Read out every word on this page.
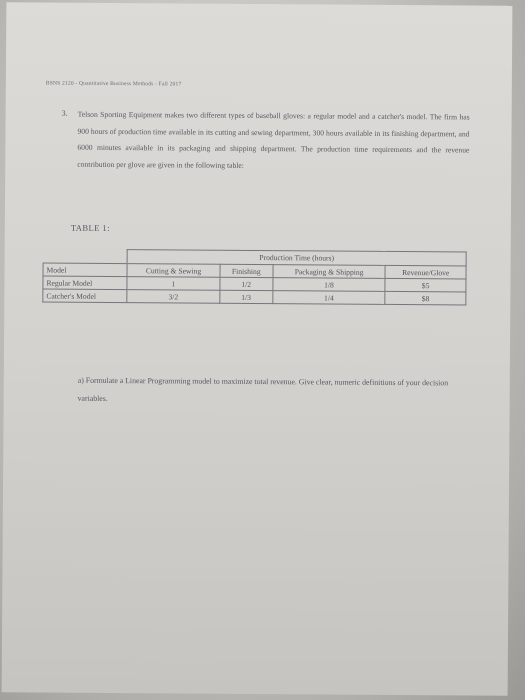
BSNS 2120 - Quantitative Business Methods - Fall 2017
3. Telson Sporting Equipment makes two different types of baseball gloves: a regular model and a catcher's model. The firm has 900 hours of production time available in its cutting and sewing department, 300 hours available in its finishing department, and 6000 minutes available in its packaging and shipping department. The production time requirements and the revenue contribution per glove are given in the following table:
TABLE 1:
	Production Time (hours)			
Model	Cutting & Sewing	Finishing	Packaging & Shipping	Revenue/Glove
Regular Model	1	1/2	1/8	$5
Catcher's Model	3/2	1/3	1/4	$8
a) Formulate a Linear Programming model to maximize total revenue. Give clear, numeric definitions of your decision variables.
